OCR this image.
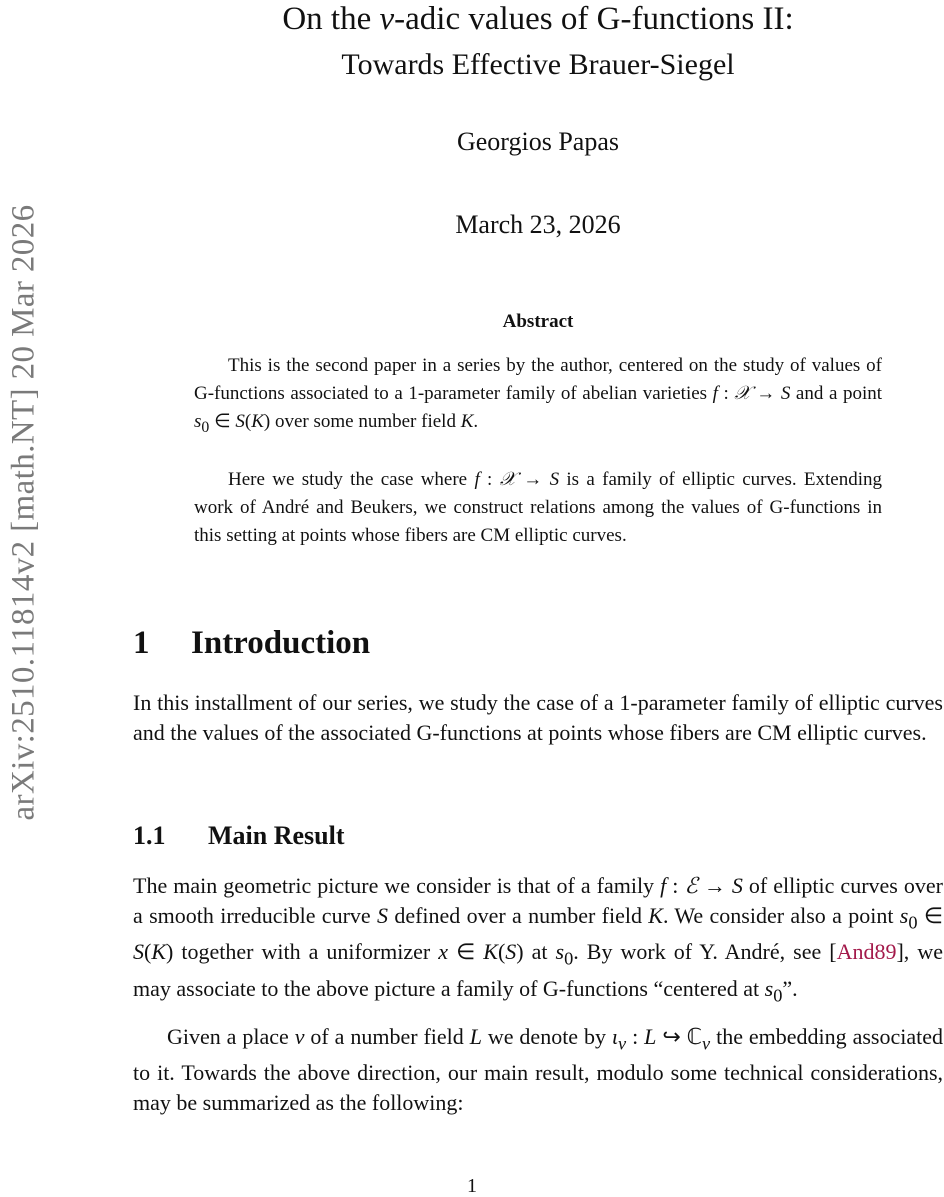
arXiv:2510.11814v2 [math.NT] 20 Mar 2026
On the v-adic values of G-functions II:
Towards Effective Brauer-Siegel
Georgios Papas
March 23, 2026
Abstract

This is the second paper in a series by the author, centered on the study of values of G-functions associated to a 1-parameter family of abelian varieties f : 𝒳 → S and a point $s_0$ ∈ S(K) over some number field K.

Here we study the case where f : 𝒳 → S is a family of elliptic curves. Extending work of André and Beukers, we construct relations among the values of G-functions in this setting at points whose fibers are CM elliptic curves.

1 Introduction

In this installment of our series, we study the case of a 1-parameter family of elliptic curves and the values of the associated G-functions at points whose fibers are CM elliptic curves.

1.1 Main Result

The main geometric picture we consider is that of a family f : ℰ → S of elliptic curves over a smooth irreducible curve S defined over a number field K. We consider also a point $s_0$ ∈ S(K) together with a uniformizer x ∈ K(S) at $s_0$. By work of Y. André, see [And89], we may associate to the above picture a family of G-functions “centered at $s_0$”.

Given a place v of a number field L we denote by $\iota_v$ : L ↪ ℂ$_v$ the embedding associated to it. Towards the above direction, our main result, modulo some technical considerations, may be summarized as the following:

1
